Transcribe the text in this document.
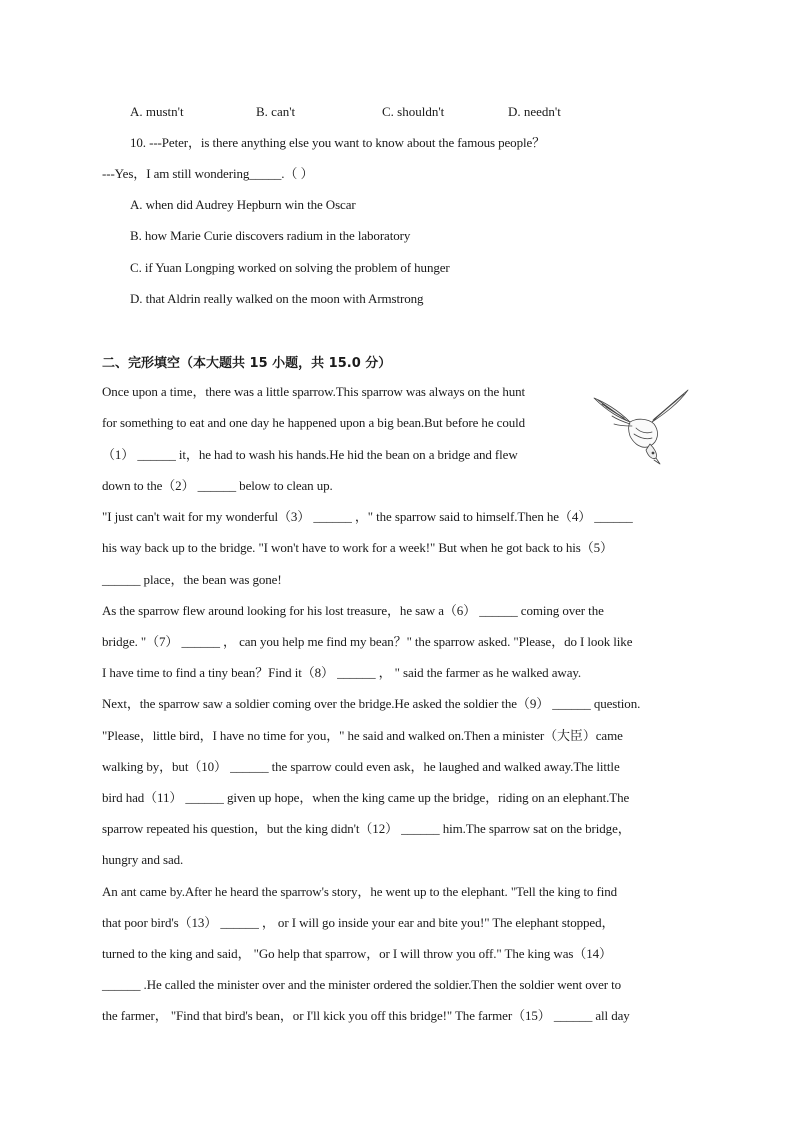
A. mustn't	B. can't	C. shouldn't	D. needn't
10. ---Peter，is there anything else you want to know about the famous people？
---Yes，I am still wondering_____.（ ）
A. when did Audrey Hepburn win the Oscar
B. how Marie Curie discovers radium in the laboratory
C. if Yuan Longping worked on solving the problem of hunger
D. that Aldrin really walked on the moon with Armstrong
二、完形填空（本大题共 15 小题，共 15.0 分）
Once upon a time，there was a little sparrow.This sparrow was always on the hunt
for something to eat and one day he happened upon a big bean.But before he could
（1） ______ it，he had to wash his hands.He hid the bean on a bridge and flew
down to the（2） ______ below to clean up.
"I just can't wait for my wonderful（3） ______ ，" the sparrow said to himself.Then he（4） ______
his way back up to the bridge. "I won't have to work for a week!" But when he got back to his（5）
______ place，the bean was gone!
As the sparrow flew around looking for his lost treasure，he saw a（6） ______ coming over the
bridge. "（7） ______ ， can you help me find my bean？" the sparrow asked. "Please，do I look like
I have time to find a tiny bean？Find it（8） ______ ， " said the farmer as he walked away.
Next，the sparrow saw a soldier coming over the bridge.He asked the soldier the（9） ______ question.
"Please，little bird，I have no time for you，" he said and walked on.Then a minister（大臣）came
walking by，but（10） ______ the sparrow could even ask，he laughed and walked away.The little
bird had（11） ______ given up hope，when the king came up the bridge，riding on an elephant.The
sparrow repeated his question，but the king didn't（12） ______ him.The sparrow sat on the bridge，
hungry and sad.
An ant came by.After he heard the sparrow's story，he went up to the elephant. "Tell the king to find
that poor bird's（13） ______ ， or I will go inside your ear and bite you!" The elephant stopped，
turned to the king and said， "Go help that sparrow，or I will throw you off." The king was（14）
______ .He called the minister over and the minister ordered the soldier.Then the soldier went over to
the farmer， "Find that bird's bean，or I'll kick you off this bridge!" The farmer（15） ______ all day
